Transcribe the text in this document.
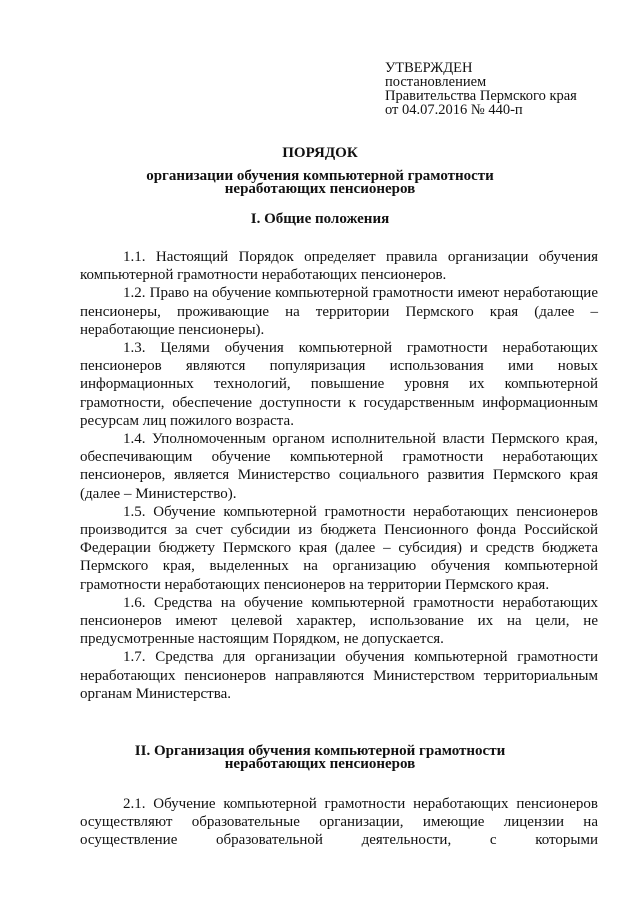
УТВЕРЖДЕН
постановлением
Правительства Пермского края
от 04.07.2016 № 440-п
ПОРЯДОК
организации обучения компьютерной грамотности
неработающих пенсионеров
I. Общие положения

1.1. Настоящий Порядок определяет правила организации обучения компьютерной грамотности неработающих пенсионеров.

1.2. Право на обучение компьютерной грамотности имеют неработающие пенсионеры, проживающие на территории Пермского края (далее – неработающие пенсионеры).

1.3. Целями обучения компьютерной грамотности неработающих пенсионеров являются популяризация использования ими новых информационных технологий, повышение уровня их компьютерной грамотности, обеспечение доступности к государственным информационным ресурсам лиц пожилого возраста.

1.4. Уполномоченным органом исполнительной власти Пермского края, обеспечивающим обучение компьютерной грамотности неработающих пенсионеров, является Министерство социального развития Пермского края (далее – Министерство).

1.5. Обучение компьютерной грамотности неработающих пенсионеров производится за счет субсидии из бюджета Пенсионного фонда Российской Федерации бюджету Пермского края (далее – субсидия) и средств бюджета Пермского края, выделенных на организацию обучения компьютерной грамотности неработающих пенсионеров на территории Пермского края.

1.6. Средства на обучение компьютерной грамотности неработающих пенсионеров имеют целевой характер, использование их на цели, не предусмотренные настоящим Порядком, не допускается.

1.7. Средства для организации обучения компьютерной грамотности неработающих пенсионеров направляются Министерством территориальным органам Министерства.

II. Организация обучения компьютерной грамотности
неработающих пенсионеров

2.1. Обучение компьютерной грамотности неработающих пенсионеров осуществляют образовательные организации, имеющие лицензии на осуществление образовательной деятельности, с которыми
